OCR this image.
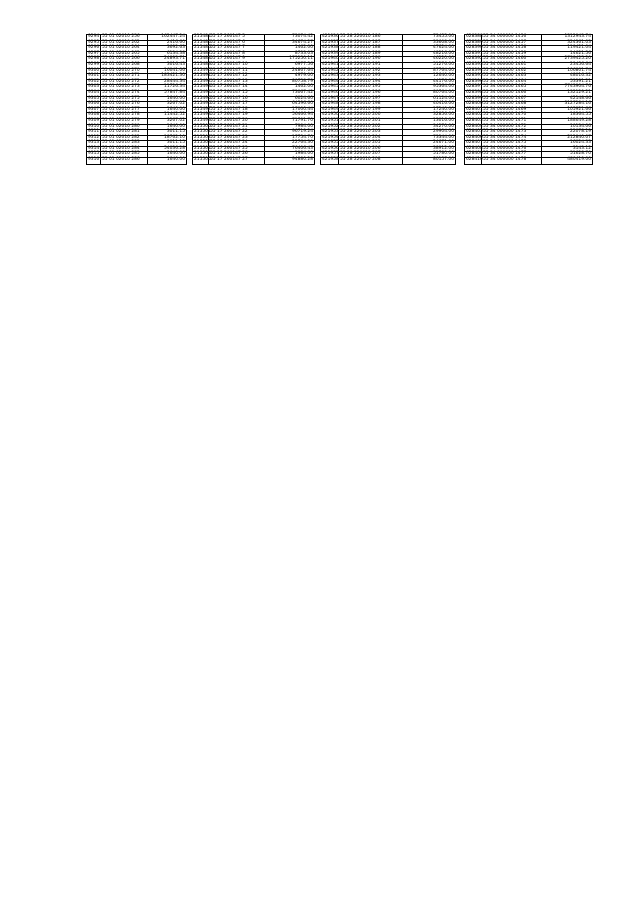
9294 55 01 02010 256	162447.24
9295 55 01 02010 262	2416.60
9296 55 01 02010 264	3692.63
9297 55 01 02010 265	6134.38
9298 55 01 02010 266	24893.71
9299 55 01 02010 268	3016.43
9300 55 01 02010 270	16041.06
9301 55 01 02010 271	183421.30
9302 55 01 02010 272	28444.34
9303 55 01 02010 273	11726.34
9304 55 01 02010 274	57847.84
9305 55 01 02010 275	1640.00
9306 55 01 02010 276	3267.02
9307 55 01 02010 277	1640.00
9308 55 01 02010 278	11442.52
9309 55 01 02010 279	3267.02
9310 55 01 02010 280	1640.00
9311 55 01 02010 281	3011.15
9312 55 01 02010 282	18762.10
9313 55 01 02010 283	3011.15
9314 55 01 02010 284	54036.28
9315 55 01 02010 285	1640.00
9316 55 01 02010 286	1640.00
215484 55 17 260147 5	73074.42
215485 55 17 260147 6	34674.27
215486 55 17 260147 7	1462.00
215487 55 17 260147 8	8733.03
215488 55 17 260147 9	175250.11
215489 55 17 260147 10	6977.56
215490 55 17 260147 11	24867.64
215491 55 17 260147 12	4979.00
215492 55 17 260147 13	80758.79
215493 55 17 260147 14	1462.00
215494 55 17 260147 15	73067.42
215495 55 17 260147 16	6024.60
215496 55 17 260147 17	64596.60
215497 55 17 260147 18	17000.44
215498 55 17 260147 19	56466.94
215499 55 17 260147 20	71791.70
215500 55 17 260147 21	7984.00
215501 55 17 260147 22	96719.24
215502 55 17 260147 23	17754.70
215503 55 17 260147 24	22764.30
215504 55 17 260147 25	76406.43
215505 55 17 260147 26	1984.00
215506 55 17 260147 27	94880.28
421936 55 28 220010 186	73455.00
421937 55 28 220010 187	33608.00
421938 55 28 220010 188	47624.00
421939 55 28 220010 189	48216.00
421940 55 28 220010 190	46220.00
421941 55 28 220010 191	51276.00
421942 55 28 220010 192	87764.00
421943 55 28 220010 193	12640.00
421944 55 28 220010 194	44176.00
421945 55 28 220010 195	95364.00
421946 55 28 220010 196	80764.00
421947 55 28 220010 197	61124.00
421948 55 28 220010 198	40416.00
421949 55 28 220010 199	17240.00
421950 55 28 220010 200	32856.00
421951 55 28 220010 201	13016.00
421952 55 28 220010 202	34270.00
421953 55 28 220010 203	29904.00
421954 55 28 220010 204	73344.00
421955 55 28 220010 205	24671.00
421956 55 28 220010 206	38912.00
421957 55 28 220010 207	51780.00
421958 55 28 220010 208	80157.00
628388 55 34 000000 1456	1312943.74
628389 55 34 000000 1457	324361.03
628390 55 34 000000 1458	119421.04
628391 55 34 000000 1459	14621.56
628392 55 34 000000 1460	2739425.20
628393 55 34 000000 1461	23456.64
628394 55 34 000000 1462	106801.74
628395 55 34 000000 1463	48016.32
628396 55 34 000000 1464	53391.21
628397 55 34 000000 1465	7743904.76
628398 55 34 000000 1466	132129.21
628399 55 34 000000 1467	42148.66
628400 55 34 000000 1468	3127284.16
628401 55 34 000000 1469	105921.66
628402 55 34 000000 1470	18364.55
628403 55 34 000000 1471	188649.28
628404 55 34 000000 1472	10134.06
628405 55 34 000000 1473	22078.19
628406 55 34 000000 1474	212840.07
628407 55 34 000000 1475	16024.33
628408 55 34 000000 1476	3143.12
628409 55 34 000000 1477	51628.70
628410 55 34 000000 1478	480419.00
